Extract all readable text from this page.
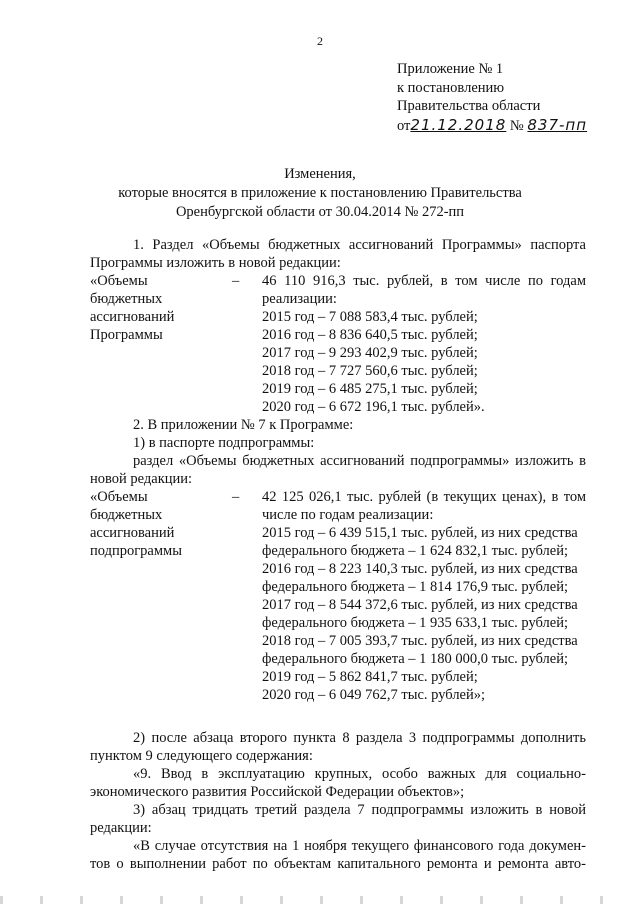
2
Приложение № 1
к постановлению
Правительства области
от21.12.2018 № 837-пп
Изменения,
которые вносятся в приложение к постановлению Правительства
Оренбургской области от 30.04.2014 № 272-пп
1. Раздел «Объемы бюджетных ассигнований Программы» паспорта
Программы изложить в новой редакции:
«Объемы
бюджетных
ассигнований
Программы
– 46 110 916,3 тыс. рублей, в том числе по годам
реализации:
2015 год – 7 088 583,4 тыс. рублей;
2016 год – 8 836 640,5 тыс. рублей;
2017 год – 9 293 402,9 тыс. рублей;
2018 год – 7 727 560,6 тыс. рублей;
2019 год – 6 485 275,1 тыс. рублей;
2020 год – 6 672 196,1 тыс. рублей».
2. В приложении № 7 к Программе:
1) в паспорте подпрограммы:
раздел «Объемы бюджетных ассигнований подпрограммы» изложить в
новой редакции:
«Объемы
бюджетных
ассигнований
подпрограммы
– 42 125 026,1 тыс. рублей (в текущих ценах), в том
числе по годам реализации:
2015 год – 6 439 515,1 тыс. рублей, из них средства
федерального бюджета – 1 624 832,1 тыс. рублей;
2016 год – 8 223 140,3 тыс. рублей, из них средства
федерального бюджета – 1 814 176,9 тыс. рублей;
2017 год – 8 544 372,6 тыс. рублей, из них средства
федерального бюджета – 1 935 633,1 тыс. рублей;
2018 год – 7 005 393,7 тыс. рублей, из них средства
федерального бюджета – 1 180 000,0 тыс. рублей;
2019 год – 5 862 841,7 тыс. рублей;
2020 год – 6 049 762,7 тыс. рублей»;
2) после абзаца второго пункта 8 раздела 3 подпрограммы дополнить
пунктом 9 следующего содержания:
«9. Ввод в эксплуатацию крупных, особо важных для социально-
экономического развития Российской Федерации объектов»;
3) абзац тридцать третий раздела 7 подпрограммы изложить в новой
редакции:
«В случае отсутствия на 1 ноября текущего финансового года докумен-
тов о выполнении работ по объектам капитального ремонта и ремонта авто-
